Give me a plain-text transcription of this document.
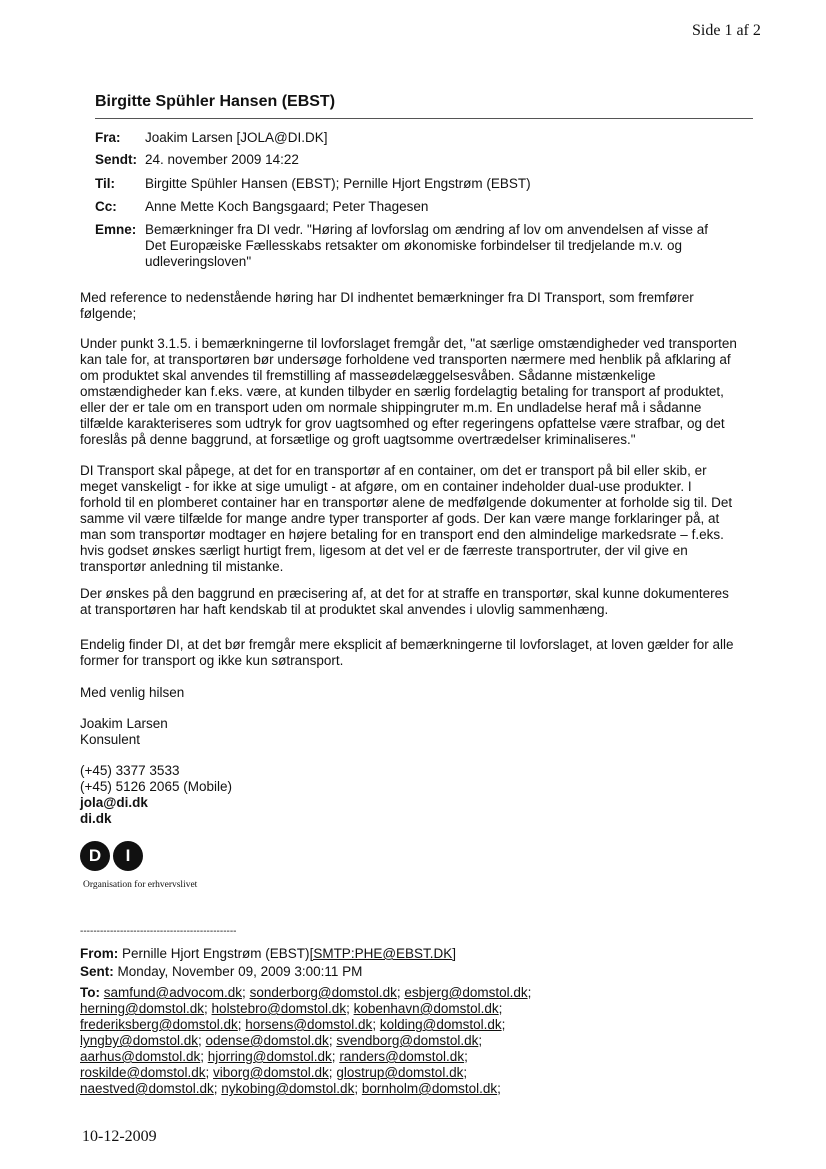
Side 1 af 2
Birgitte Spühler Hansen (EBST)
Fra: Joakim Larsen [JOLA@DI.DK]
Sendt: 24. november 2009 14:22
Til: Birgitte Spühler Hansen (EBST); Pernille Hjort Engstrøm (EBST)
Cc: Anne Mette Koch Bangsgaard; Peter Thagesen
Emne: Bemærkninger fra DI vedr. "Høring af lovforslag om ændring af lov om anvendelsen af visse af
Det Europæiske Fællesskabs retsakter om økonomiske forbindelser til tredjelande m.v. og
udleveringsloven"
Med reference to nedenstående høring har DI indhentet bemærkninger fra DI Transport, som fremfører
følgende;
Under punkt 3.1.5. i bemærkningerne til lovforslaget fremgår det, "at særlige omstændigheder ved transporten
kan tale for, at transportøren bør undersøge forholdene ved transporten nærmere med henblik på afklaring af
om produktet skal anvendes til fremstilling af masseødelæggelsesvåben. Sådanne mistænkelige
omstændigheder kan f.eks. være, at kunden tilbyder en særlig fordelagtig betaling for transport af produktet,
eller der er tale om en transport uden om normale shippingruter m.m. En undladelse heraf må i sådanne
tilfælde karakteriseres som udtryk for grov uagtsomhed og efter regeringens opfattelse være strafbar, og det
foreslås på denne baggrund, at forsætlige og groft uagtsomme overtrædelser kriminaliseres."
DI Transport skal påpege, at det for en transportør af en container, om det er transport på bil eller skib, er
meget vanskeligt - for ikke at sige umuligt - at afgøre, om en container indeholder dual-use produkter. I
forhold til en plomberet container har en transportør alene de medfølgende dokumenter at forholde sig til. Det
samme vil være tilfælde for mange andre typer transporter af gods. Der kan være mange forklaringer på, at
man som transportør modtager en højere betaling for en transport end den almindelige markedsrate – f.eks.
hvis godset ønskes særligt hurtigt frem, ligesom at det vel er de færreste transportruter, der vil give en
transportør anledning til mistanke.
Der ønskes på den baggrund en præcisering af, at det for at straffe en transportør, skal kunne dokumenteres
at transportøren har haft kendskab til at produktet skal anvendes i ulovlig sammenhæng.
Endelig finder DI, at det bør fremgår mere eksplicit af bemærkningerne til lovforslaget, at loven gælder for alle
former for transport og ikke kun søtransport.
Med venlig hilsen
Joakim Larsen
Konsulent
(+45) 3377 3533
(+45) 5126 2065 (Mobile)
jola@di.dk
di.dk
D	I
Organisation for erhvervslivet
-----------------------------------------------
From: Pernille Hjort Engstrøm (EBST)[SMTP:PHE@EBST.DK]
Sent: Monday, November 09, 2009 3:00:11 PM
To: samfund@advocom.dk; sonderborg@domstol.dk; esbjerg@domstol.dk;
herning@domstol.dk; holstebro@domstol.dk; kobenhavn@domstol.dk;
frederiksberg@domstol.dk; horsens@domstol.dk; kolding@domstol.dk;
lyngby@domstol.dk; odense@domstol.dk; svendborg@domstol.dk;
aarhus@domstol.dk; hjorring@domstol.dk; randers@domstol.dk;
roskilde@domstol.dk; viborg@domstol.dk; glostrup@domstol.dk;
naestved@domstol.dk; nykobing@domstol.dk; bornholm@domstol.dk;
10-12-2009
